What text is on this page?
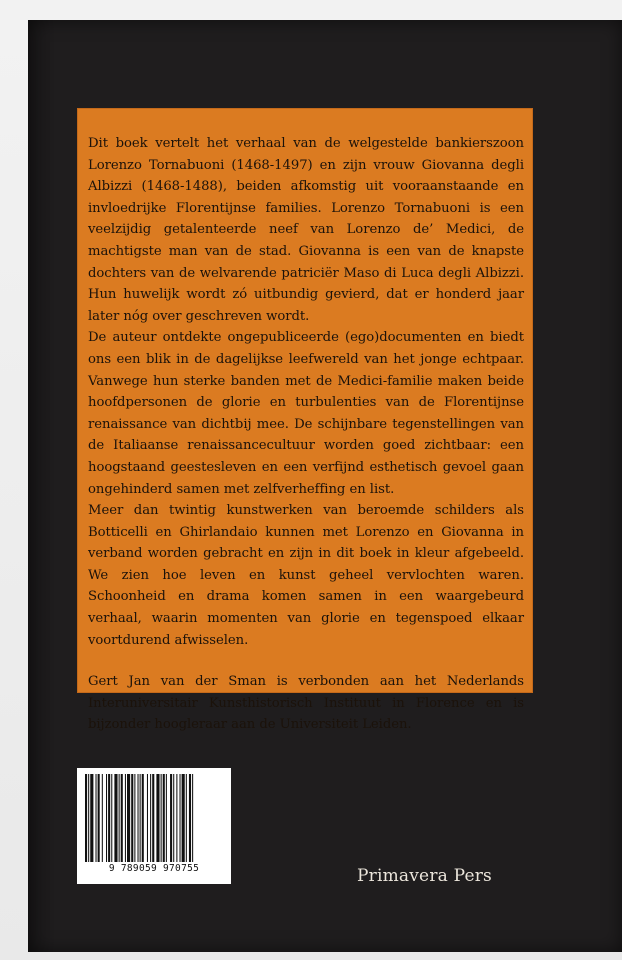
Dit boek vertelt het verhaal van de welgestelde bankierszoon Lorenzo Tornabuoni (1468-1497) en zijn vrouw Giovanna degli Albizzi (1468-1488), beiden afkomstig uit vooraanstaande en invloedrijke Florentijnse families. Lorenzo Tornabuoni is een veelzijdig getalenteerde neef van Lorenzo de’ Medici, de machtigste man van de stad. Giovanna is een van de knapste dochters van de welvarende patriciër Maso di Luca degli Albizzi. Hun huwelijk wordt zó uitbundig gevierd, dat er honderd jaar later nóg over geschreven wordt.

De auteur ontdekte ongepubliceerde (ego)documenten en biedt ons een blik in de dagelijkse leefwereld van het jonge echtpaar. Vanwege hun sterke banden met de Medici-familie maken beide hoofdpersonen de glorie en turbulenties van de Florentijnse renaissance van dichtbij mee. De schijnbare tegenstellingen van de Italiaanse renaissancecultuur worden goed zichtbaar: een hoogstaand geestesleven en een verfijnd esthetisch gevoel gaan ongehinderd samen met zelfverheffing en list.

Meer dan twintig kunstwerken van beroemde schilders als Botticelli en Ghirlandaio kunnen met Lorenzo en Giovanna in verband worden gebracht en zijn in dit boek in kleur afgebeeld. We zien hoe leven en kunst geheel vervlochten waren. Schoonheid en drama komen samen in een waargebeurd verhaal, waarin momenten van glorie en tegenspoed elkaar voortdurend afwisselen.

Gert Jan van der Sman is verbonden aan het Nederlands Interuniversitair Kunsthistorisch Instituut in Florence en is bijzonder hoogleraar aan de Universiteit Leiden.

9 789059 970755	Primavera Pers
